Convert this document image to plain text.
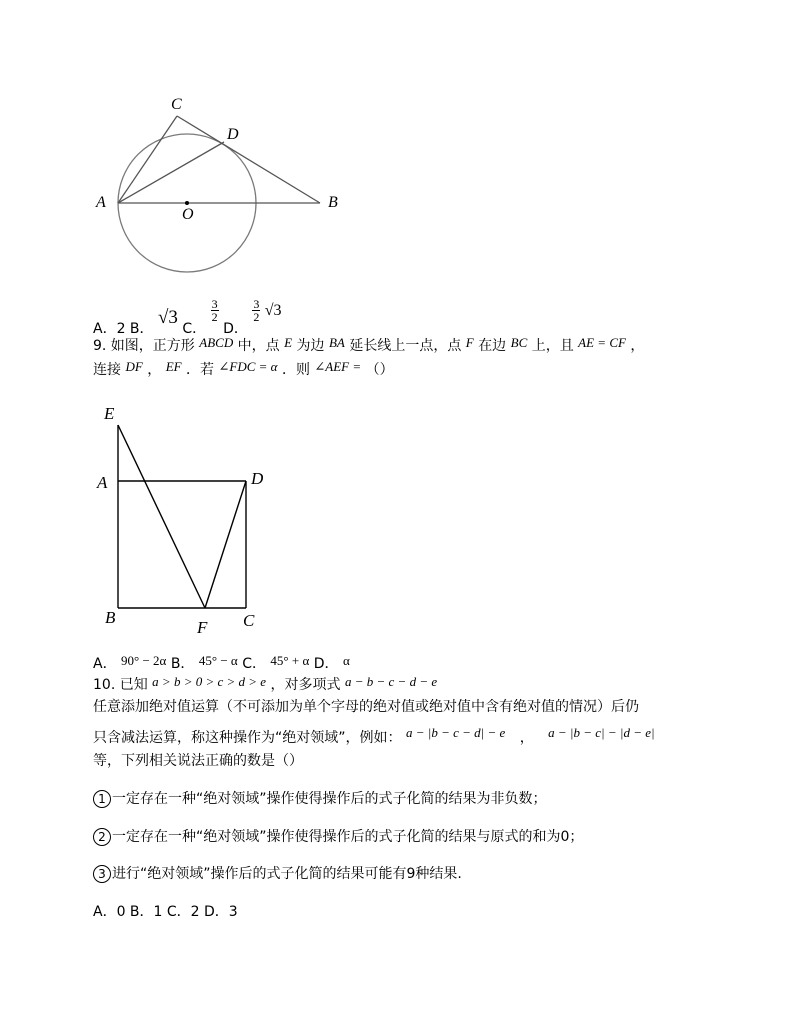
C
D
A
O
B
A．2 B． √3 C．
$\frac{3}{2}$
D．
$\frac{3}{2} √3$
9. 如图，正方形 ABCD 中，点 E 为边 BA 延长线上一点，点 F 在边 BC 上，且 AE = CF ，
连接 DF ， EF ．若 ∠FDC = α ．则 ∠AEF = （）
E
A	D
B
F C
A． 90° − 2α B． 45° − α C． 45° + α D． α
10. 已知 a > b > 0 > c > d > e ，对多项式 a − b − c − d − e
任意添加绝对值运算（不可添加为单个字母的绝对值或绝对值中含有绝对值的情况）后仍
只含减法运算，称这种操作为“绝对领域”，例如： a − |b − c − d| − e ， a − |b − c| − |d − e|
等，下列相关说法正确的数是（）
1 一定存在一种“绝对领域”操作使得操作后的式子化简的结果为非负数；
2 一定存在一种“绝对领域”操作使得操作后的式子化简的结果与原式的和为0；
3 进行“绝对领域”操作后的式子化简的结果可能有9种结果.
A．0 B．1 C．2 D．3
